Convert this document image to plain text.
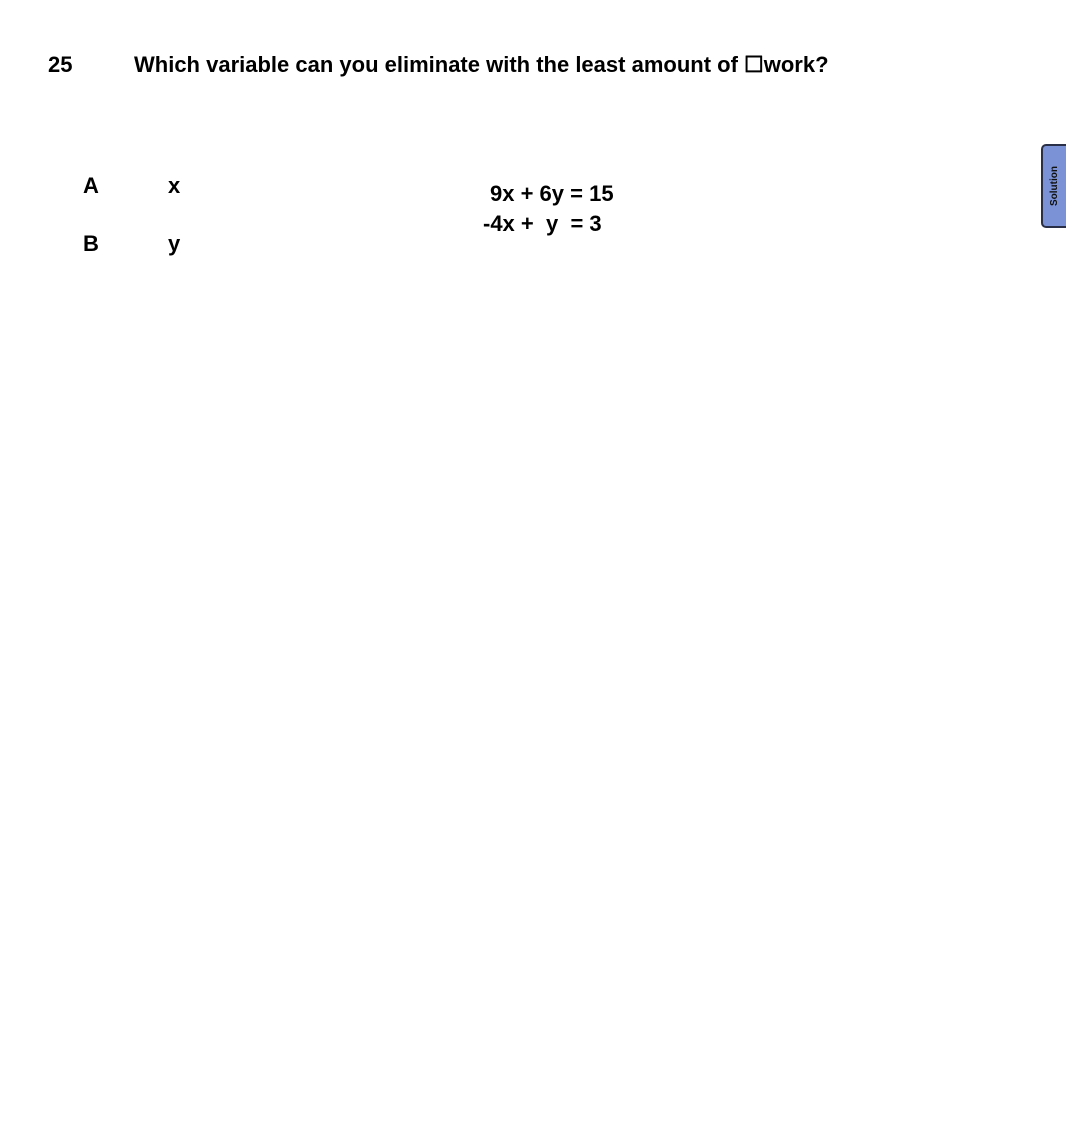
25	Which variable can you eliminate with the least amount of ☐work?
A	x
B	y
9x + 6y = 15
-4x +  y  = 3
Solution
